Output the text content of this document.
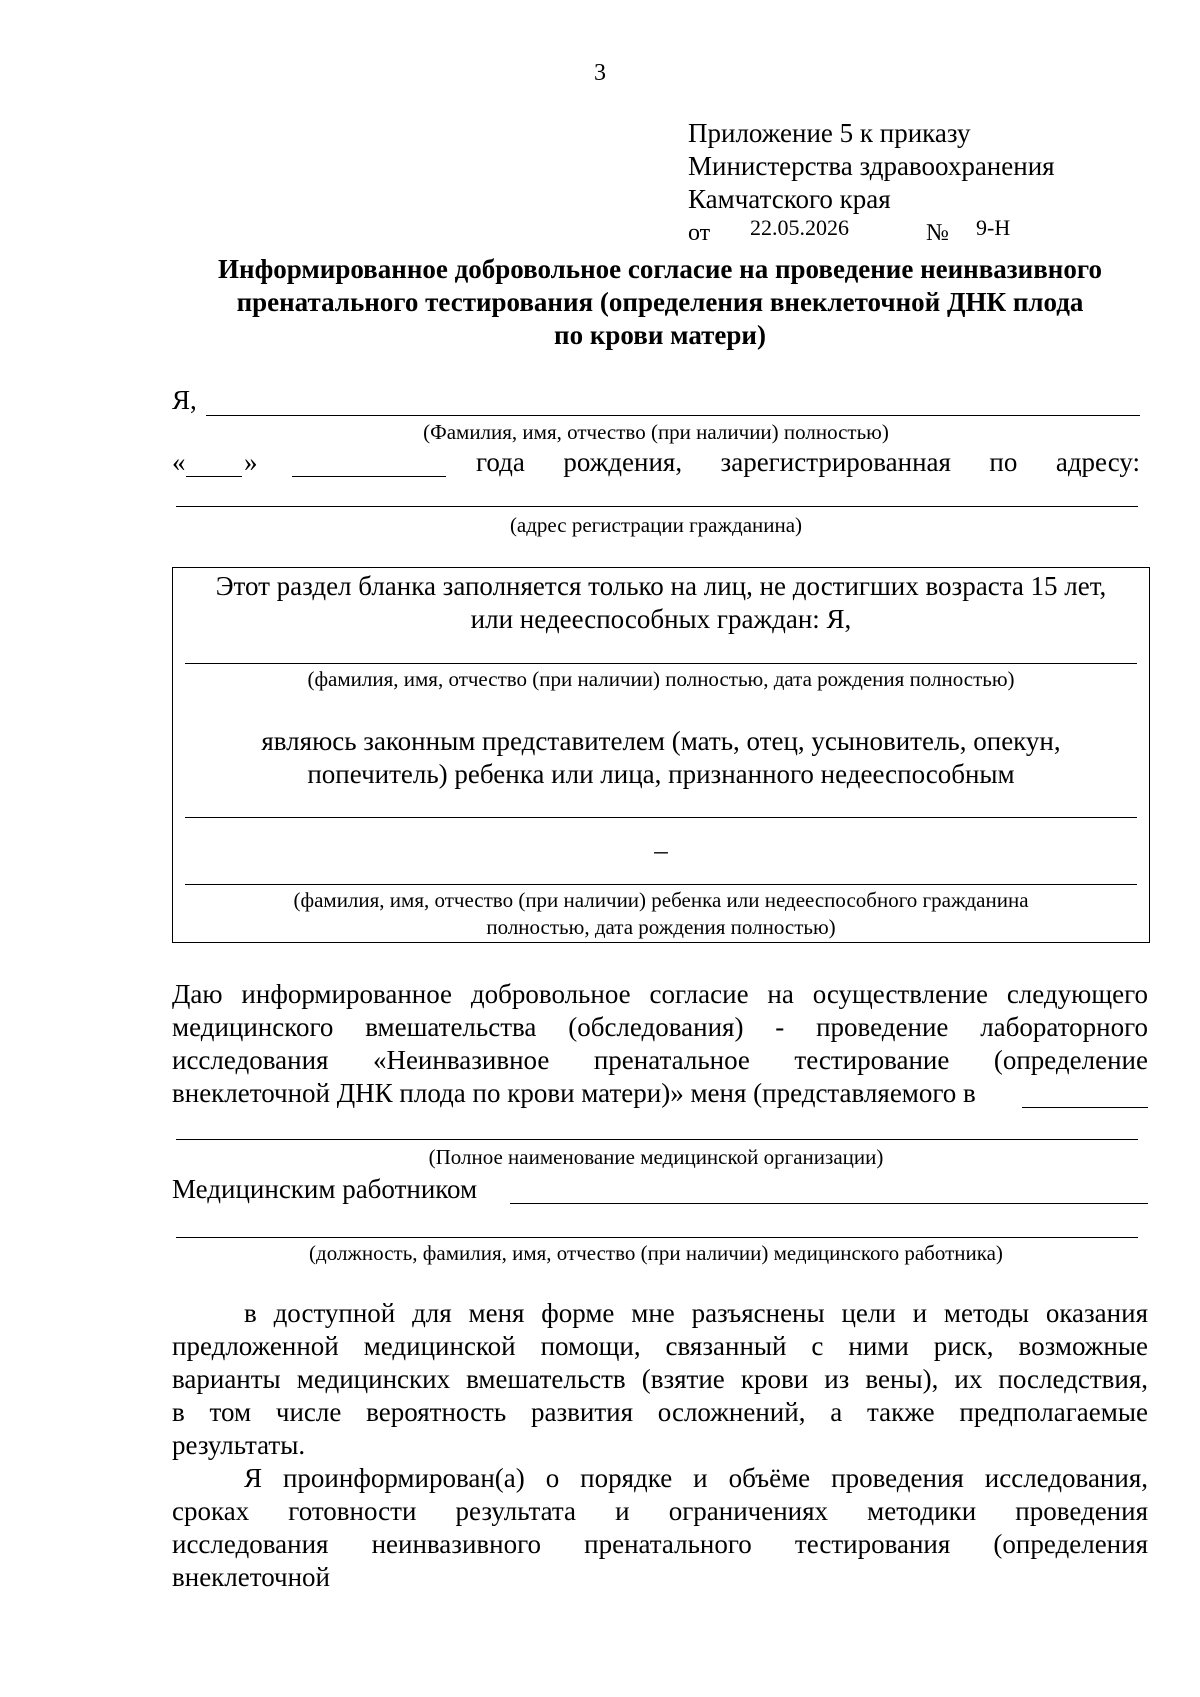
3
Приложение 5 к приказу
Министерства здравоохранения
Камчатского края
от 22.05.2026	№ 9-Н
Информированное добровольное согласие на проведение неинвазивного
пренатального тестирования (определения внеклеточной ДНК плода
по крови матери)
Я,
(Фамилия, имя, отчество (при наличии) полностью)
« »	года рождения, зарегистрированная по адресу:
(адрес регистрации гражданина)
Этот раздел бланка заполняется только на лиц, не достигших возраста 15 лет,
или недееспособных граждан: Я,
(фамилия, имя, отчество (при наличии) полностью, дата рождения полностью)
являюсь законным представителем (мать, отец, усыновитель, опекун,
попечитель) ребенка или лица, признанного недееспособным
–
(фамилия, имя, отчество (при наличии) ребенка или недееспособного гражданина
полностью, дата рождения полностью)
Даю информированное добровольное согласие на осуществление следующего
медицинского вмешательства (обследования) - проведение лабораторного
исследования «Неинвазивное пренатальное тестирование (определение
внеклеточной ДНК плода по крови матери)» меня (представляемого в
(Полное наименование медицинской организации)
Медицинским работником
(должность, фамилия, имя, отчество (при наличии) медицинского работника)
в доступной для меня форме мне разъяснены цели и методы оказания
предложенной медицинской помощи, связанный с ними риск, возможные
варианты медицинских вмешательств (взятие крови из вены), их последствия,
в том числе вероятность развития осложнений, а также предполагаемые
результаты.
Я проинформирован(а) о порядке и объёме проведения исследования,
сроках готовности результата и ограничениях методики проведения
исследования неинвазивного пренатального тестирования (определения
внеклеточной
